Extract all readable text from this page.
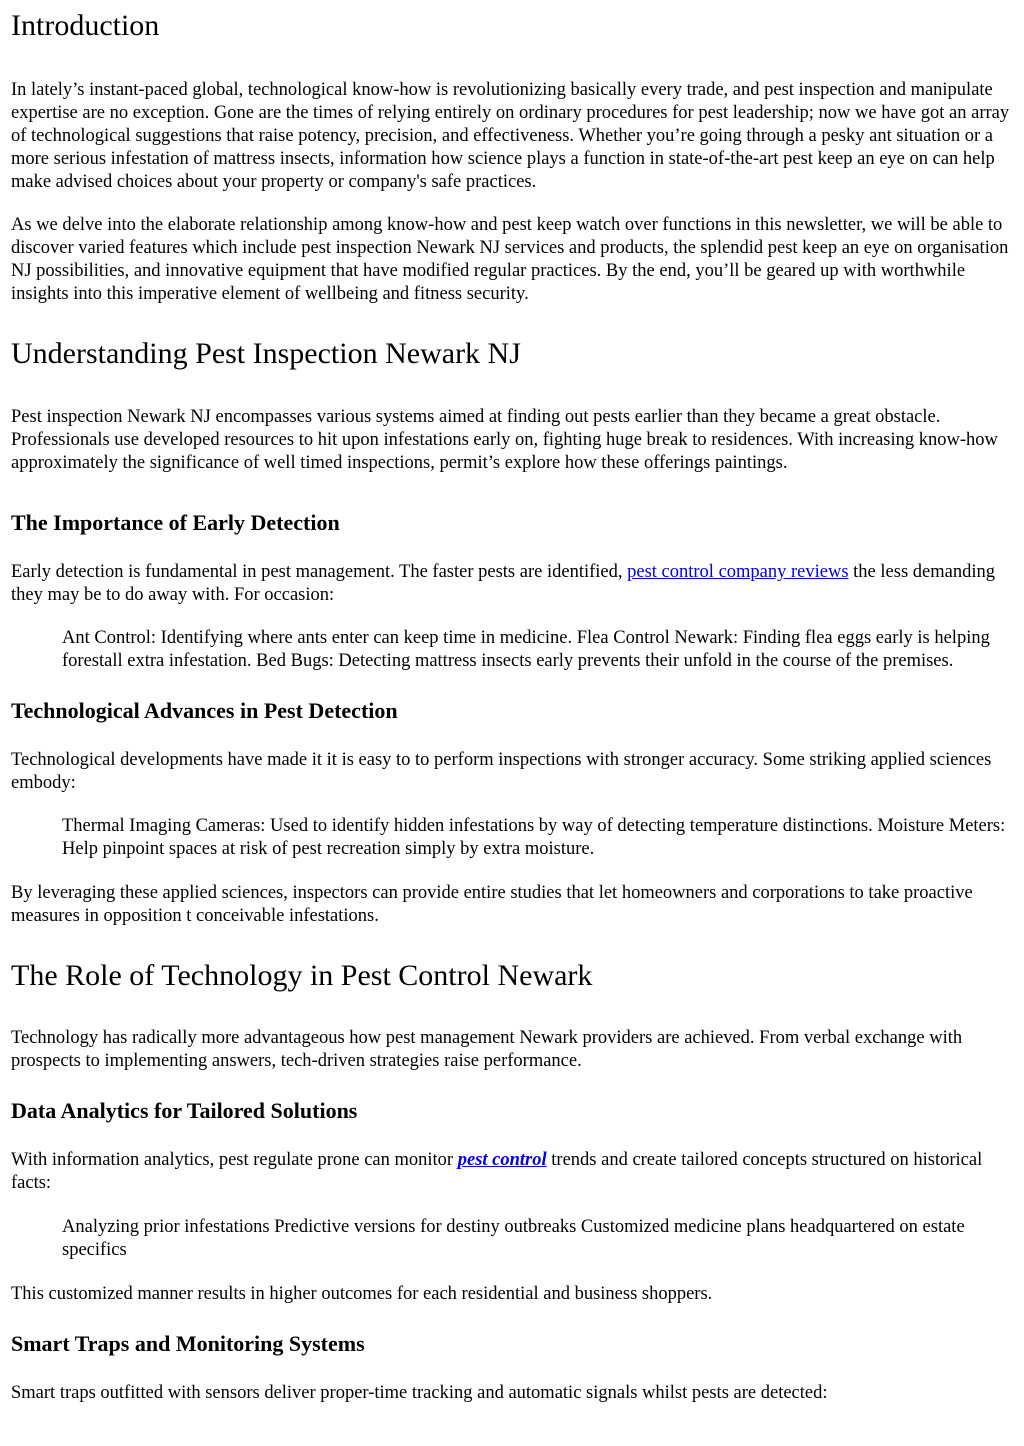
Introduction

In lately’s instant-paced global, technological know-how is revolutionizing basically every trade, and pest inspection and manipulate expertise are no exception. Gone are the times of relying entirely on ordinary procedures for pest leadership; now we have got an array of technological suggestions that raise potency, precision, and effectiveness. Whether you’re going through a pesky ant situation or a more serious infestation of mattress insects, information how science plays a function in state-of-the-art pest keep an eye on can help make advised choices about your property or company's safe practices.

As we delve into the elaborate relationship among know-how and pest keep watch over functions in this newsletter, we will be able to discover varied features which include pest inspection Newark NJ services and products, the splendid pest keep an eye on organisation NJ possibilities, and innovative equipment that have modified regular practices. By the end, you’ll be geared up with worthwhile insights into this imperative element of wellbeing and fitness security.

Understanding Pest Inspection Newark NJ

Pest inspection Newark NJ encompasses various systems aimed at finding out pests earlier than they became a great obstacle. Professionals use developed resources to hit upon infestations early on, fighting huge break to residences. With increasing know-how approximately the significance of well timed inspections, permit’s explore how these offerings paintings.

The Importance of Early Detection

Early detection is fundamental in pest management. The faster pests are identified, pest control company reviews the less demanding they may be to do away with. For occasion:

Ant Control: Identifying where ants enter can keep time in medicine. Flea Control Newark: Finding flea eggs early is helping forestall extra infestation. Bed Bugs: Detecting mattress insects early prevents their unfold in the course of the premises.

Technological Advances in Pest Detection

Technological developments have made it it is easy to to perform inspections with stronger accuracy. Some striking applied sciences embody:

Thermal Imaging Cameras: Used to identify hidden infestations by way of detecting temperature distinctions. Moisture Meters: Help pinpoint spaces at risk of pest recreation simply by extra moisture.

By leveraging these applied sciences, inspectors can provide entire studies that let homeowners and corporations to take proactive measures in opposition t conceivable infestations.

The Role of Technology in Pest Control Newark

Technology has radically more advantageous how pest management Newark providers are achieved. From verbal exchange with prospects to implementing answers, tech-driven strategies raise performance.

Data Analytics for Tailored Solutions

With information analytics, pest regulate prone can monitor pest control trends and create tailored concepts structured on historical facts:

Analyzing prior infestations Predictive versions for destiny outbreaks Customized medicine plans headquartered on estate specifics

This customized manner results in higher outcomes for each residential and business shoppers.

Smart Traps and Monitoring Systems

Smart traps outfitted with sensors deliver proper-time tracking and automatic signals whilst pests are detected:
